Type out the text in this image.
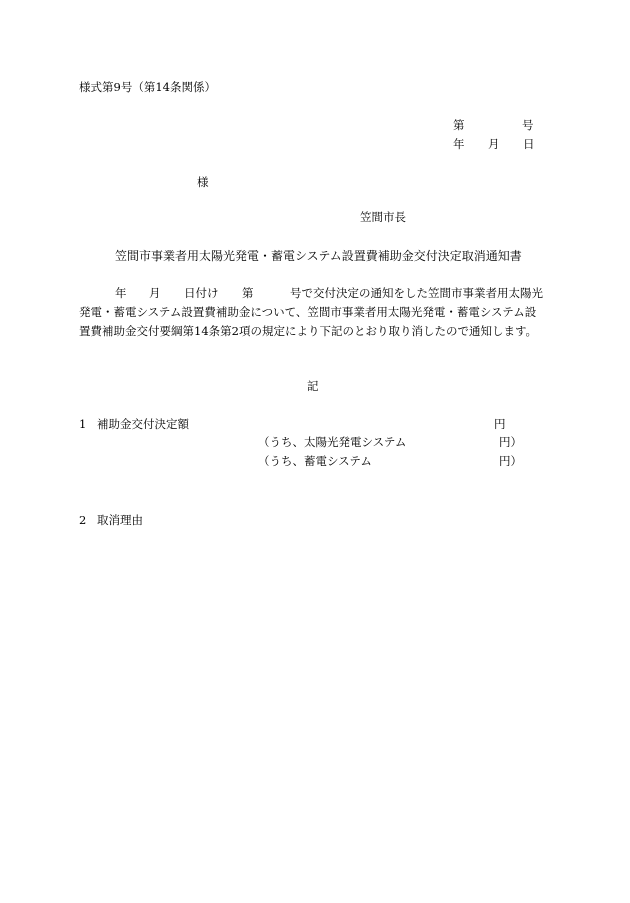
様式第9号（第14条関係）
第	号
年 月 日
様
笠間市長
笠間市事業者用太陽光発電・蓄電システム設置費補助金交付決定取消通知書
年 月 日付け 第	号で交付決定の通知をした笠間市事業者用太陽光
発電・蓄電システム設置費補助金について、笠間市事業者用太陽光発電・蓄電システム設
置費補助金交付要綱第14条第2項の規定により下記のとおり取り消したので通知します。
記
1 補助金交付決定額	円
（うち、太陽光発電システム	円）
（うち、蓄電システム	円）
2 取消理由
